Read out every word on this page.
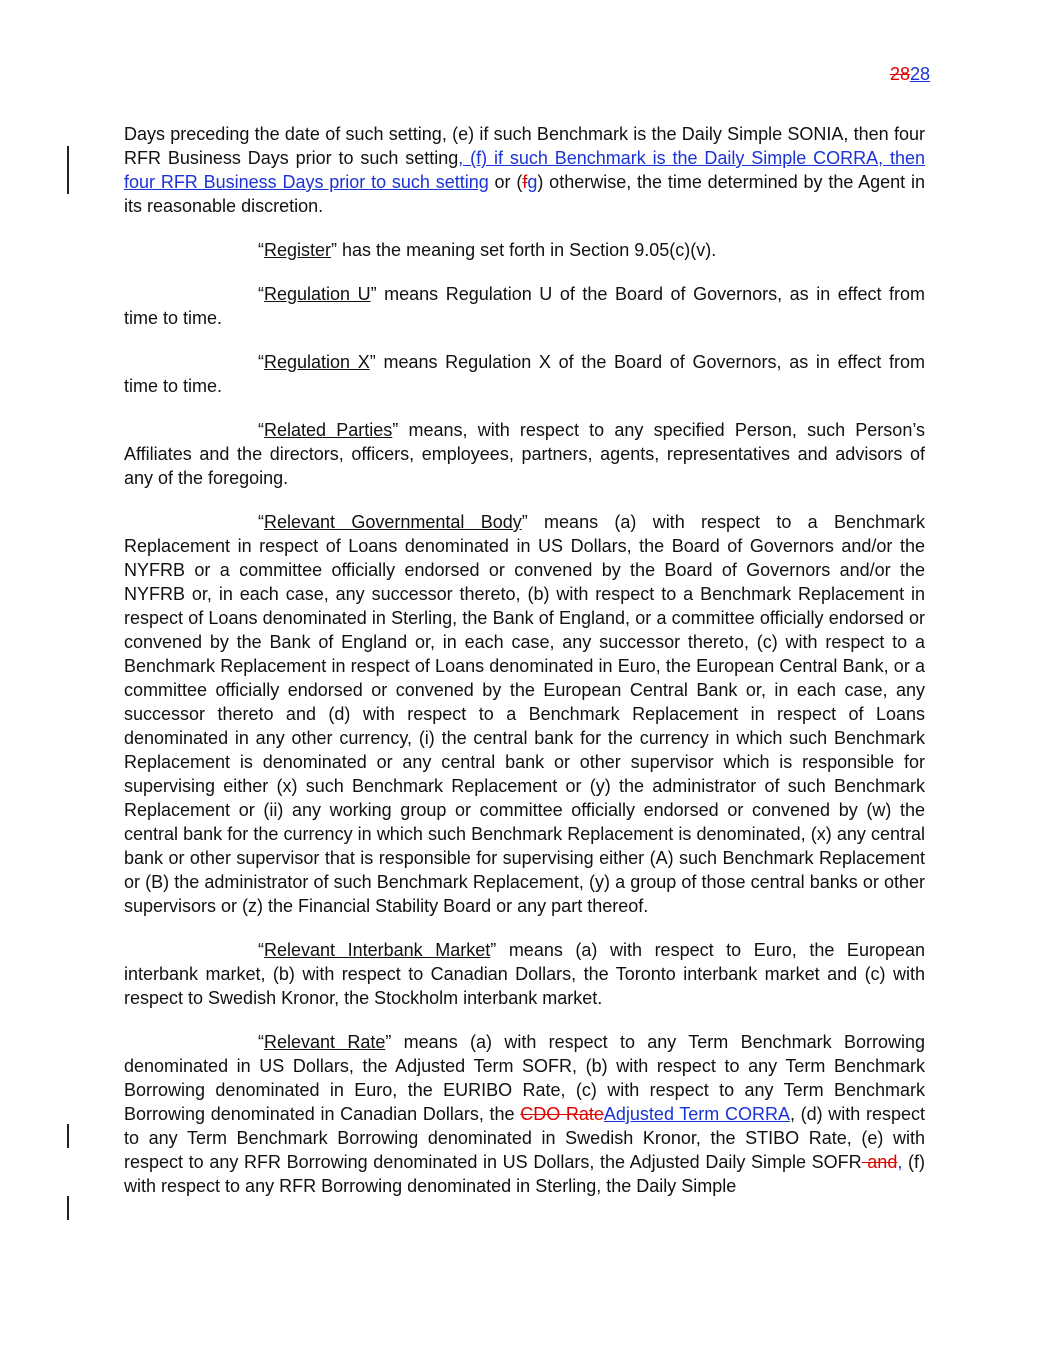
2828

Days preceding the date of such setting, (e) if such Benchmark is the Daily Simple SONIA, then four RFR Business Days prior to such setting, (f) if such Benchmark is the Daily Simple CORRA, then four RFR Business Days prior to such setting or (fg) otherwise, the time determined by the Agent in its reasonable discretion.

“Register” has the meaning set forth in Section 9.05(c)(v).

“Regulation U” means Regulation U of the Board of Governors, as in effect from time to time.

“Regulation X” means Regulation X of the Board of Governors, as in effect from time to time.

“Related Parties” means, with respect to any specified Person, such Person’s Affiliates and the directors, officers, employees, partners, agents, representatives and advisors of any of the foregoing.

“Relevant Governmental Body” means (a) with respect to a Benchmark Replacement in respect of Loans denominated in US Dollars, the Board of Governors and/or the NYFRB or a committee officially endorsed or convened by the Board of Governors and/or the NYFRB or, in each case, any successor thereto, (b) with respect to a Benchmark Replacement in respect of Loans denominated in Sterling, the Bank of England, or a committee officially endorsed or convened by the Bank of England or, in each case, any successor thereto, (c) with respect to a Benchmark Replacement in respect of Loans denominated in Euro, the European Central Bank, or a committee officially endorsed or convened by the European Central Bank or, in each case, any successor thereto and (d) with respect to a Benchmark Replacement in respect of Loans denominated in any other currency, (i) the central bank for the currency in which such Benchmark Replacement is denominated or any central bank or other supervisor which is responsible for supervising either (x) such Benchmark Replacement or (y) the administrator of such Benchmark Replacement or (ii) any working group or committee officially endorsed or convened by (w) the central bank for the currency in which such Benchmark Replacement is denominated, (x) any central bank or other supervisor that is responsible for supervising either (A) such Benchmark Replacement or (B) the administrator of such Benchmark Replacement, (y) a group of those central banks or other supervisors or (z) the Financial Stability Board or any part thereof.

“Relevant Interbank Market” means (a) with respect to Euro, the European interbank market, (b) with respect to Canadian Dollars, the Toronto interbank market and (c) with respect to Swedish Kronor, the Stockholm interbank market.

“Relevant Rate” means (a) with respect to any Term Benchmark Borrowing denominated in US Dollars, the Adjusted Term SOFR, (b) with respect to any Term Benchmark Borrowing denominated in Euro, the EURIBO Rate, (c) with respect to any Term Benchmark Borrowing denominated in Canadian Dollars, the CDO RateAdjusted Term CORRA, (d) with respect to any Term Benchmark Borrowing denominated in Swedish Kronor, the STIBO Rate, (e) with respect to any RFR Borrowing denominated in US Dollars, the Adjusted Daily Simple SOFR and, (f) with respect to any RFR Borrowing denominated in Sterling, the Daily Simple
